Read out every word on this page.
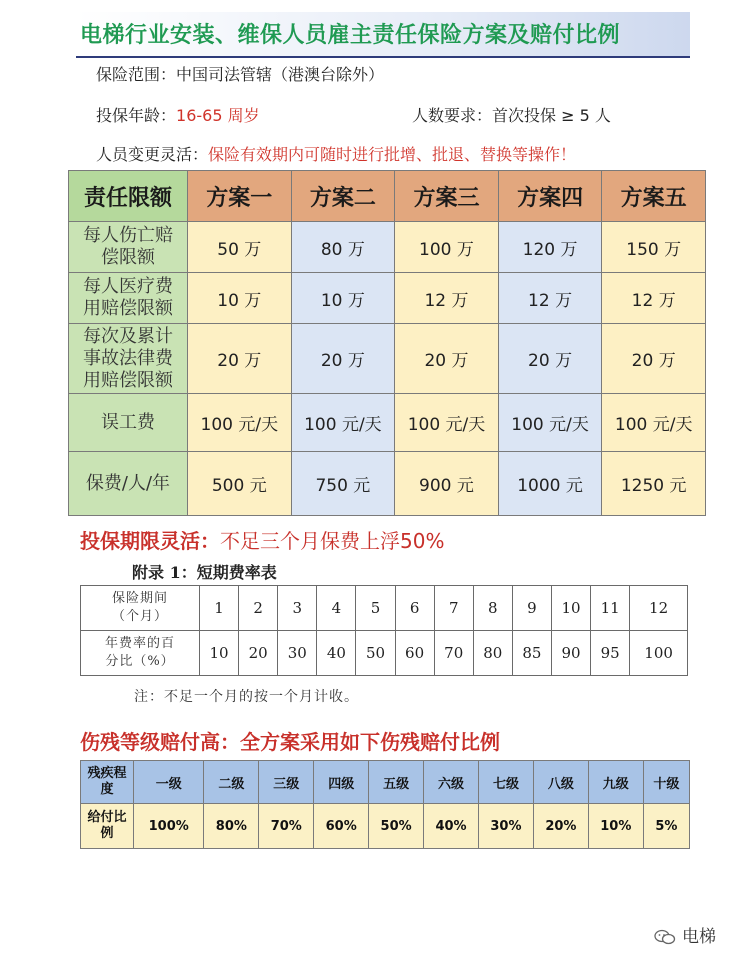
电梯行业安装、维保人员雇主责任保险方案及赔付比例
保险范围：中国司法管辖（港澳台除外）
投保年龄：16-65 周岁	人数要求：首次投保 ≥ 5 人
人员变更灵活：保险有效期内可随时进行批增、批退、替换等操作！
责任限额	方案一	方案二	方案三	方案四	方案五
每人伤亡赔
偿限额	50 万	80 万	100 万	120 万	150 万
每人医疗费
用赔偿限额	10 万	10 万	12 万	12 万	12 万
每次及累计
事故法律费
用赔偿限额	20 万	20 万	20 万	20 万	20 万
误工费	100 元/天	100 元/天	100 元/天	100 元/天	100 元/天
保费/人/年	500 元	750 元	900 元	1000 元	1250 元
投保期限灵活：不足三个月保费上浮50%
附录 1：短期费率表
保险期间
（个月）	1	2	3	4	5	6	7	8	9	10	11	12
年费率的百
分比（%）	10	20	30	40	50	60	70	80	85	90	95	100
注：不足一个月的按一个月计收。
伤残等级赔付高：全方案采用如下伤残赔付比例
残疾程
度	一级	二级	三级	四级	五级	六级	七级	八级	九级	十级
给付比
例	100%	80%	70%	60%	50%	40%	30%	20%	10%	5%
电梯
